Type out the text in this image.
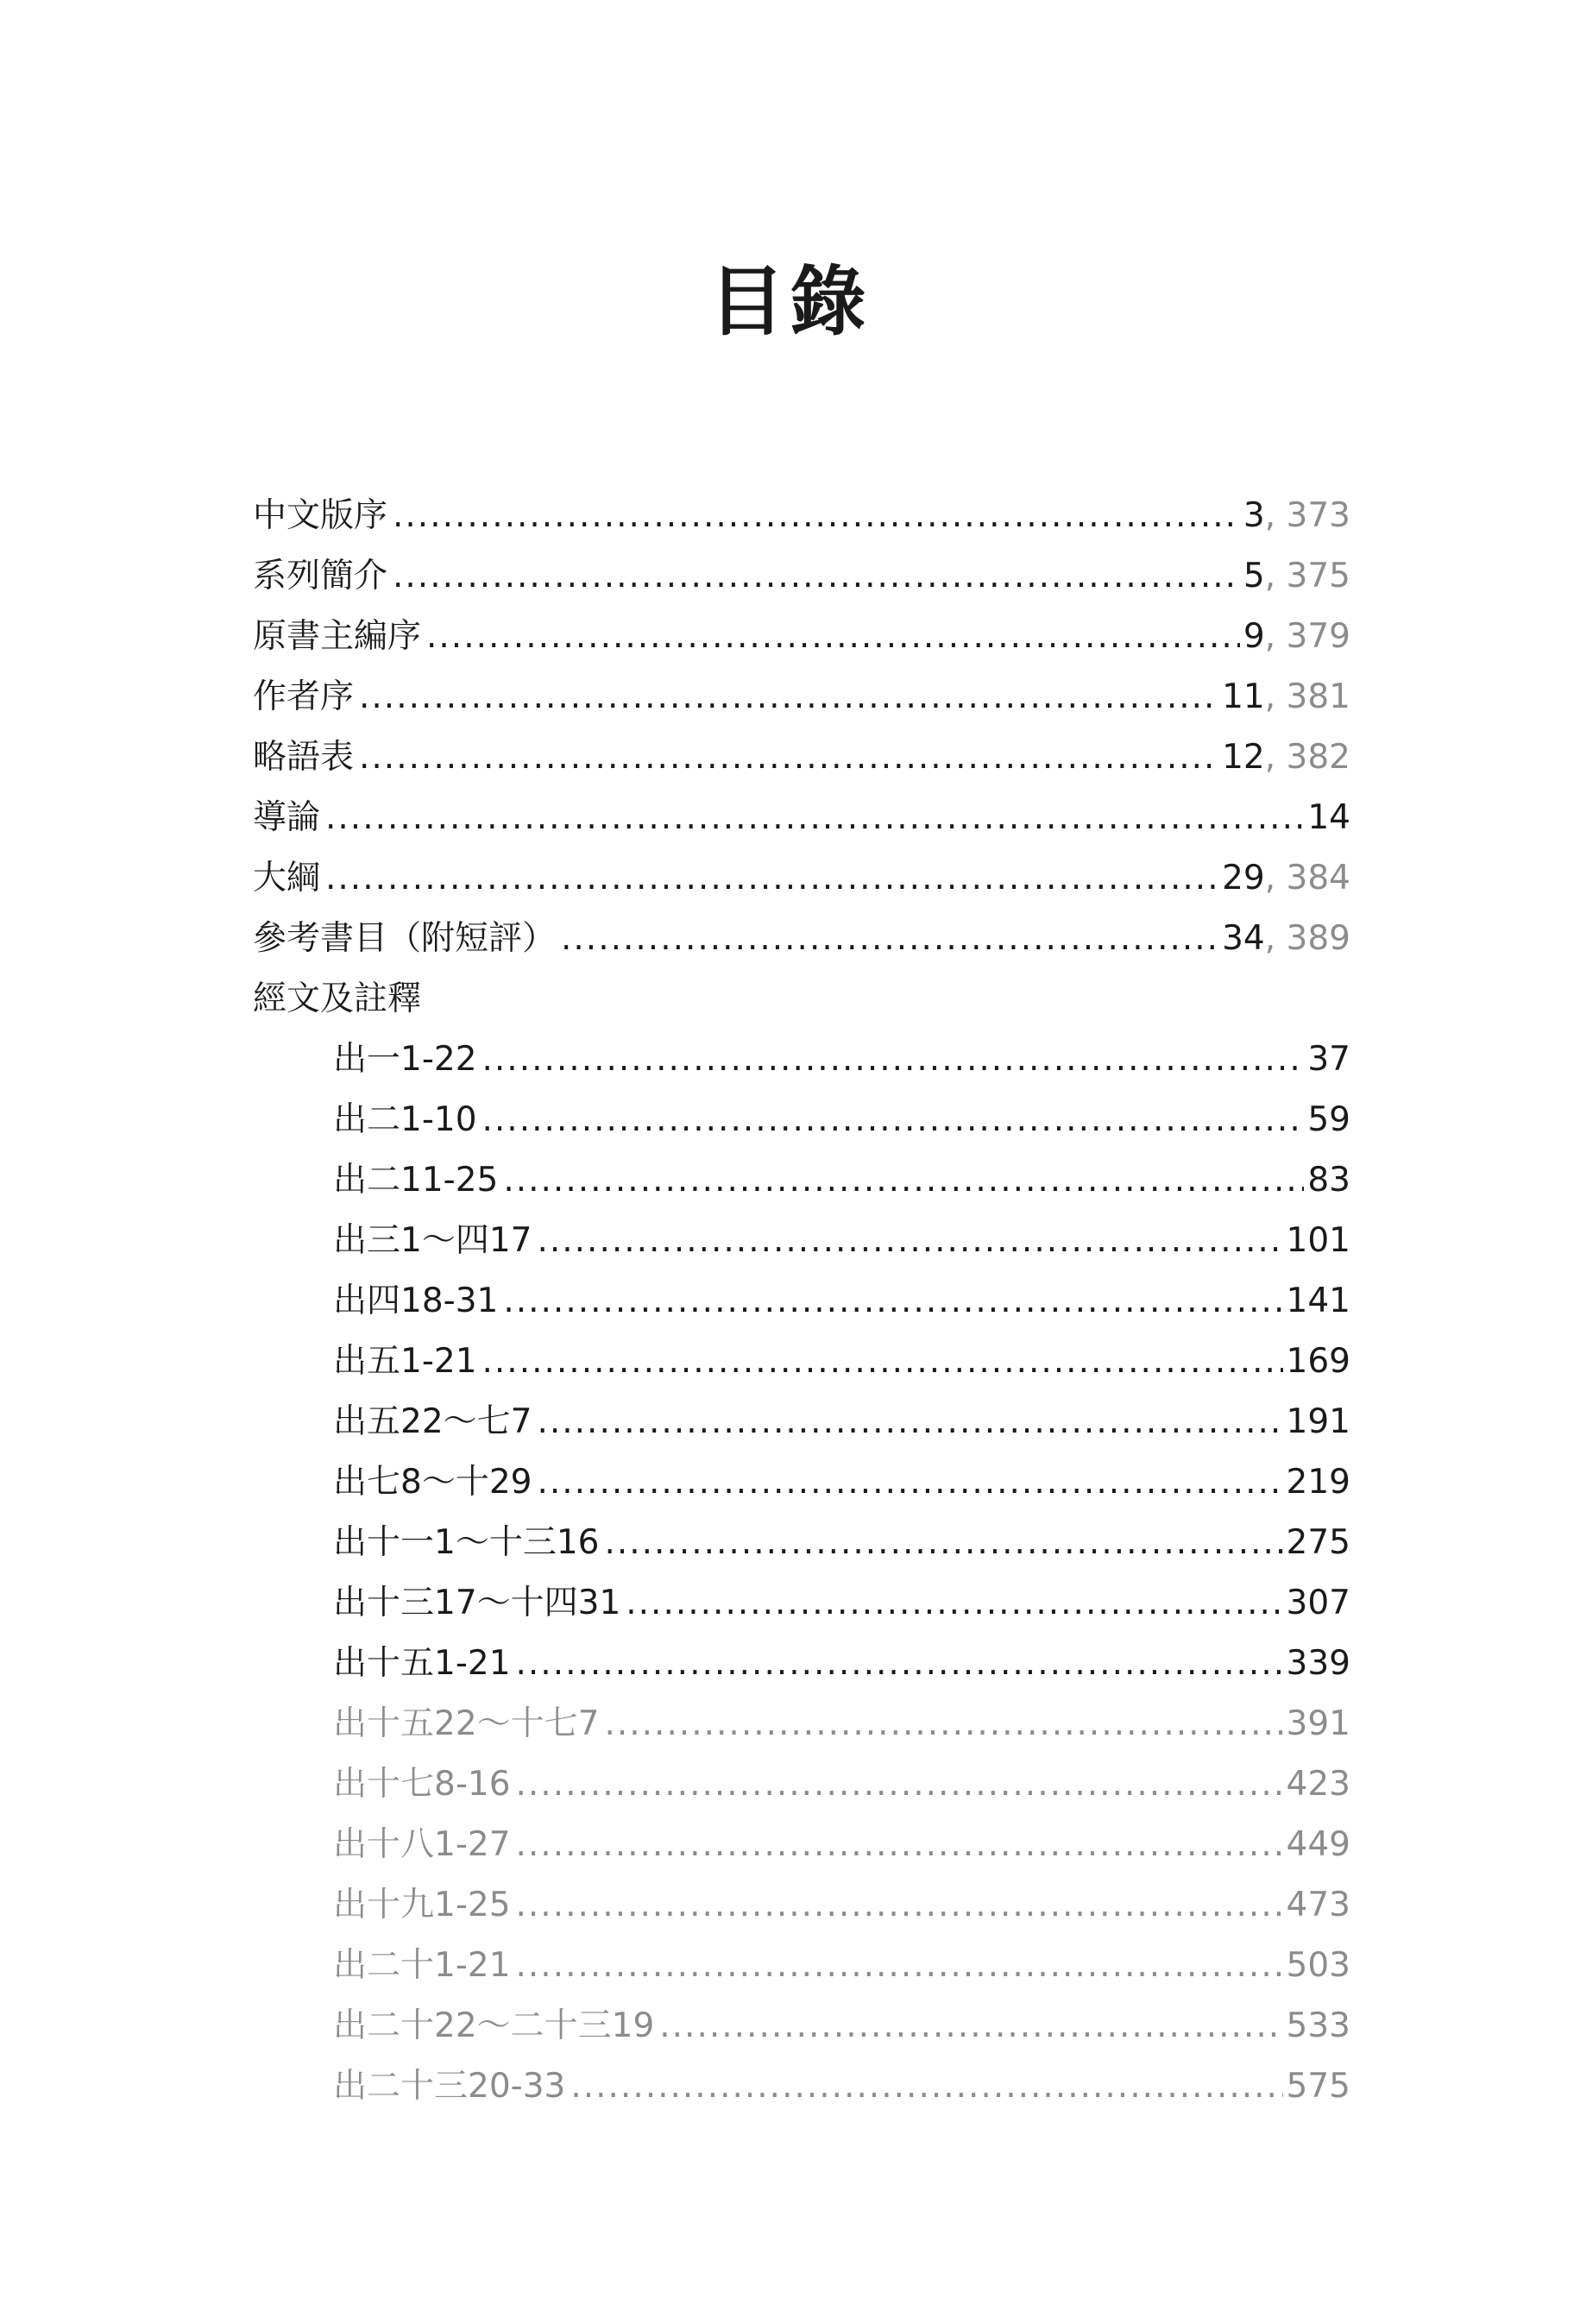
目錄
中文版序 .....	3, 373
系列簡介 .....	5, 375
原書主編序 .....	9, 379
作者序 .....	11, 381
略語表 .....	12, 382
導論 .....	14
大綱 .....	29, 384
參考書目（附短評） .....	34, 389
經文及註釋
出一1-22 .....	37
出二1-10 .....	59
出二11-25 .....	83
出三1～四17 .....	101
出四18-31 .....	141
出五1-21 .....	169
出五22～七7 .....	191
出七8～十29 .....	219
出十一1～十三16 .....	275
出十三17～十四31 .....	307
出十五1-21 .....	339
出十五22～十七7 .....	391
出十七8-16 .....	423
出十八1-27 .....	449
出十九1-25 .....	473
出二十1-21 .....	503
出二十22～二十三19 .....	533
出二十三20-33 .....	575
